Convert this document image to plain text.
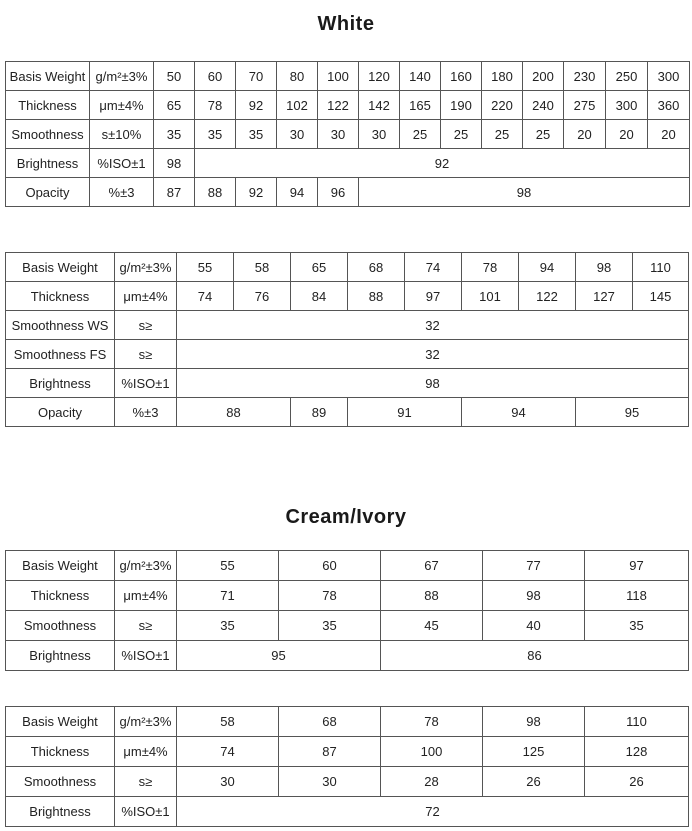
White
Basis Weight	g/m²±3%	50	60	70	80	100	120	140	160	180	200	230	250	300
Thickness	μm±4%	65	78	92	102	122	142	165	190	220	240	275	300	360
Smoothness	s±10%	35	35	35	30	30	30	25	25	25	25	20	20	20
Brightness	%ISO±1	98	92											
Opacity	%±3	87	88	92	94	96	98							
Basis Weight	g/m²±3%	55	58	65	68	74	78	94	98	110
Thickness	μm±4%	74	76	84	88	97	101	122	127	145
Smoothness WS	s≥	32								
Smoothness FS	s≥	32								
Brightness	%ISO±1	98								
Opacity	%±3	88		89	91		94		95	
Cream/Ivory
Basis Weight	g/m²±3%	55	60	67	77	97
Thickness	μm±4%	71	78	88	98	118
Smoothness	s≥	35	35	45	40	35
Brightness	%ISO±1	95		86		
Basis Weight	g/m²±3%	58	68	78	98	110
Thickness	μm±4%	74	87	100	125	128
Smoothness	s≥	30	30	28	26	26
Brightness	%ISO±1	72				
